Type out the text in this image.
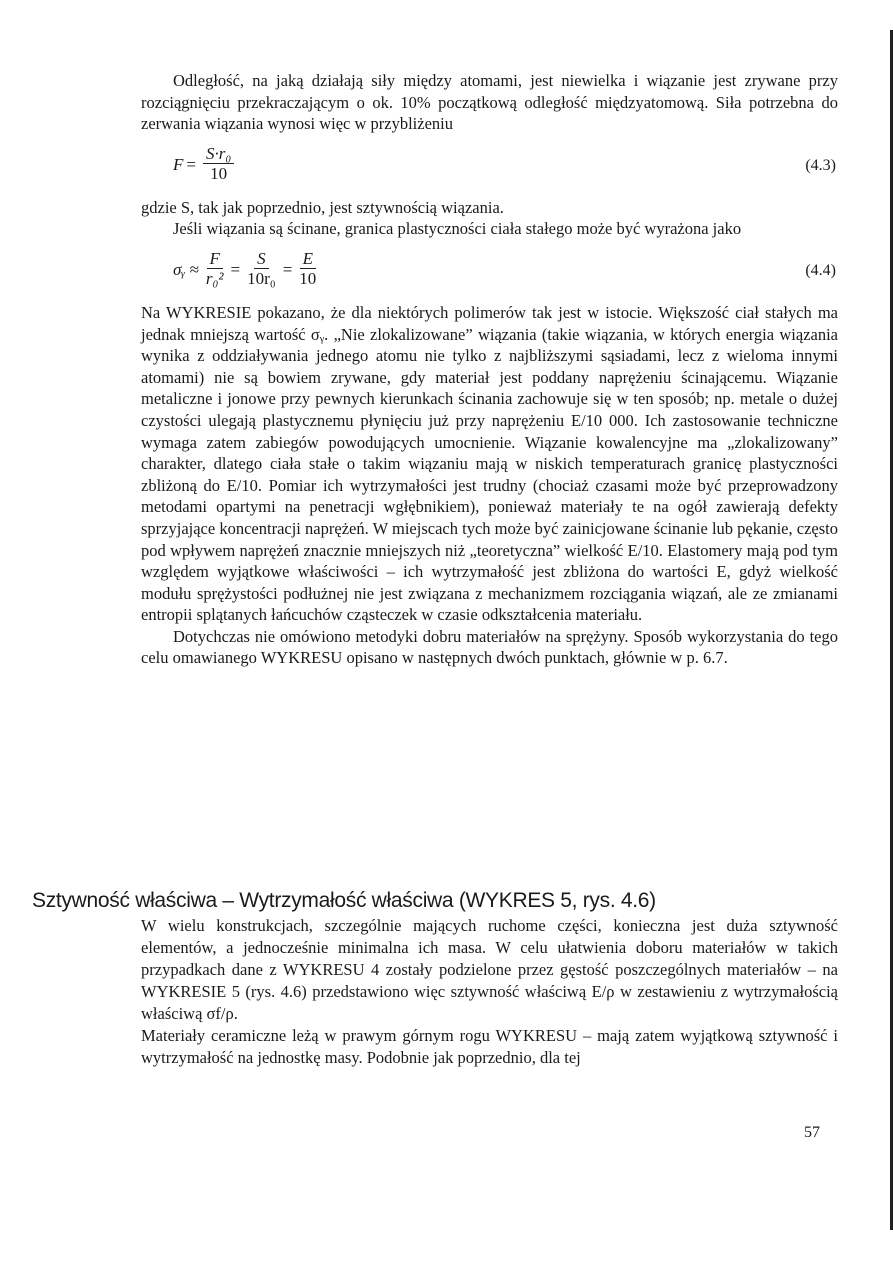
Odległość, na jaką działają siły między atomami, jest niewielka i wiązanie jest zrywane przy rozciągnięciu przekraczającym o ok. 10% początkową odległość międzyatomową. Siła potrzebna do zerwania wiązania wynosi więc w przybliżeniu

$F = \frac{\text{S·r₀}}{10}$	(4.3)

gdzie S, tak jak poprzednio, jest sztywnością wiązania.

Jeśli wiązania są ścinane, granica plastyczności ciała stałego może być wyrażona jako

σᵧ ≈ $\frac{F}{\text{r₀²}} = \frac{S}{\text{10r₀}} = \frac{E}{10}$	(4.4)

Na WYKRESIE pokazano, że dla niektórych polimerów tak jest w istocie. Większość ciał stałych ma jednak mniejszą wartość σᵧ. „Nie zlokalizowane” wiązania (takie wiązania, w których energia wiązania wynika z oddziaływania jednego atomu nie tylko z najbliższymi sąsiadami, lecz z wieloma innymi atomami) nie są bowiem zrywane, gdy materiał jest poddany naprężeniu ścinającemu. Wiązanie metaliczne i jonowe przy pewnych kierunkach ścinania zachowuje się w ten sposób; np. metale o dużej czystości ulegają plastycznemu płynięciu już przy naprężeniu E/10 000. Ich zastosowanie techniczne wymaga zatem zabiegów powodujących umocnienie. Wiązanie kowalencyjne ma „zlokalizowany” charakter, dlatego ciała stałe o takim wiązaniu mają w niskich temperaturach granicę plastyczności zbliżoną do E/10. Pomiar ich wytrzymałości jest trudny (chociaż czasami może być przeprowadzony metodami opartymi na penetracji wgłębnikiem), ponieważ materiały te na ogół zawierają defekty sprzyjające koncentracji naprężeń. W miejscach tych może być zainicjowane ścinanie lub pękanie, często pod wpływem naprężeń znacznie mniejszych niż „teoretyczna” wielkość E/10. Elastomery mają pod tym względem wyjątkowe właściwości – ich wytrzymałość jest zbliżona do wartości E, gdyż wielkość modułu sprężystości podłużnej nie jest związana z mechanizmem rozciągania wiązań, ale ze zmianami entropii splątanych łańcuchów cząsteczek w czasie odkształcenia materiału.

Dotychczas nie omówiono metodyki dobru materiałów na sprężyny. Sposób wykorzystania do tego celu omawianego WYKRESU opisano w następnych dwóch punktach, głównie w p. 6.7.

Sztywność właściwa – Wytrzymałość właściwa (WYKRES 5, rys. 4.6)

W wielu konstrukcjach, szczególnie mających ruchome części, konieczna jest duża sztywność elementów, a jednocześnie minimalna ich masa. W celu ułatwienia doboru materiałów w takich przypadkach dane z WYKRESU 4 zostały podzielone przez gęstość poszczególnych materiałów – na WYKRESIE 5 (rys. 4.6) przedstawiono więc sztywność właściwą E/ρ w zestawieniu z wytrzymałością właściwą σf/ρ.

Materiały ceramiczne leżą w prawym górnym rogu WYKRESU – mają zatem wyjątkową sztywność i wytrzymałość na jednostkę masy. Podobnie jak poprzednio, dla tej

57
